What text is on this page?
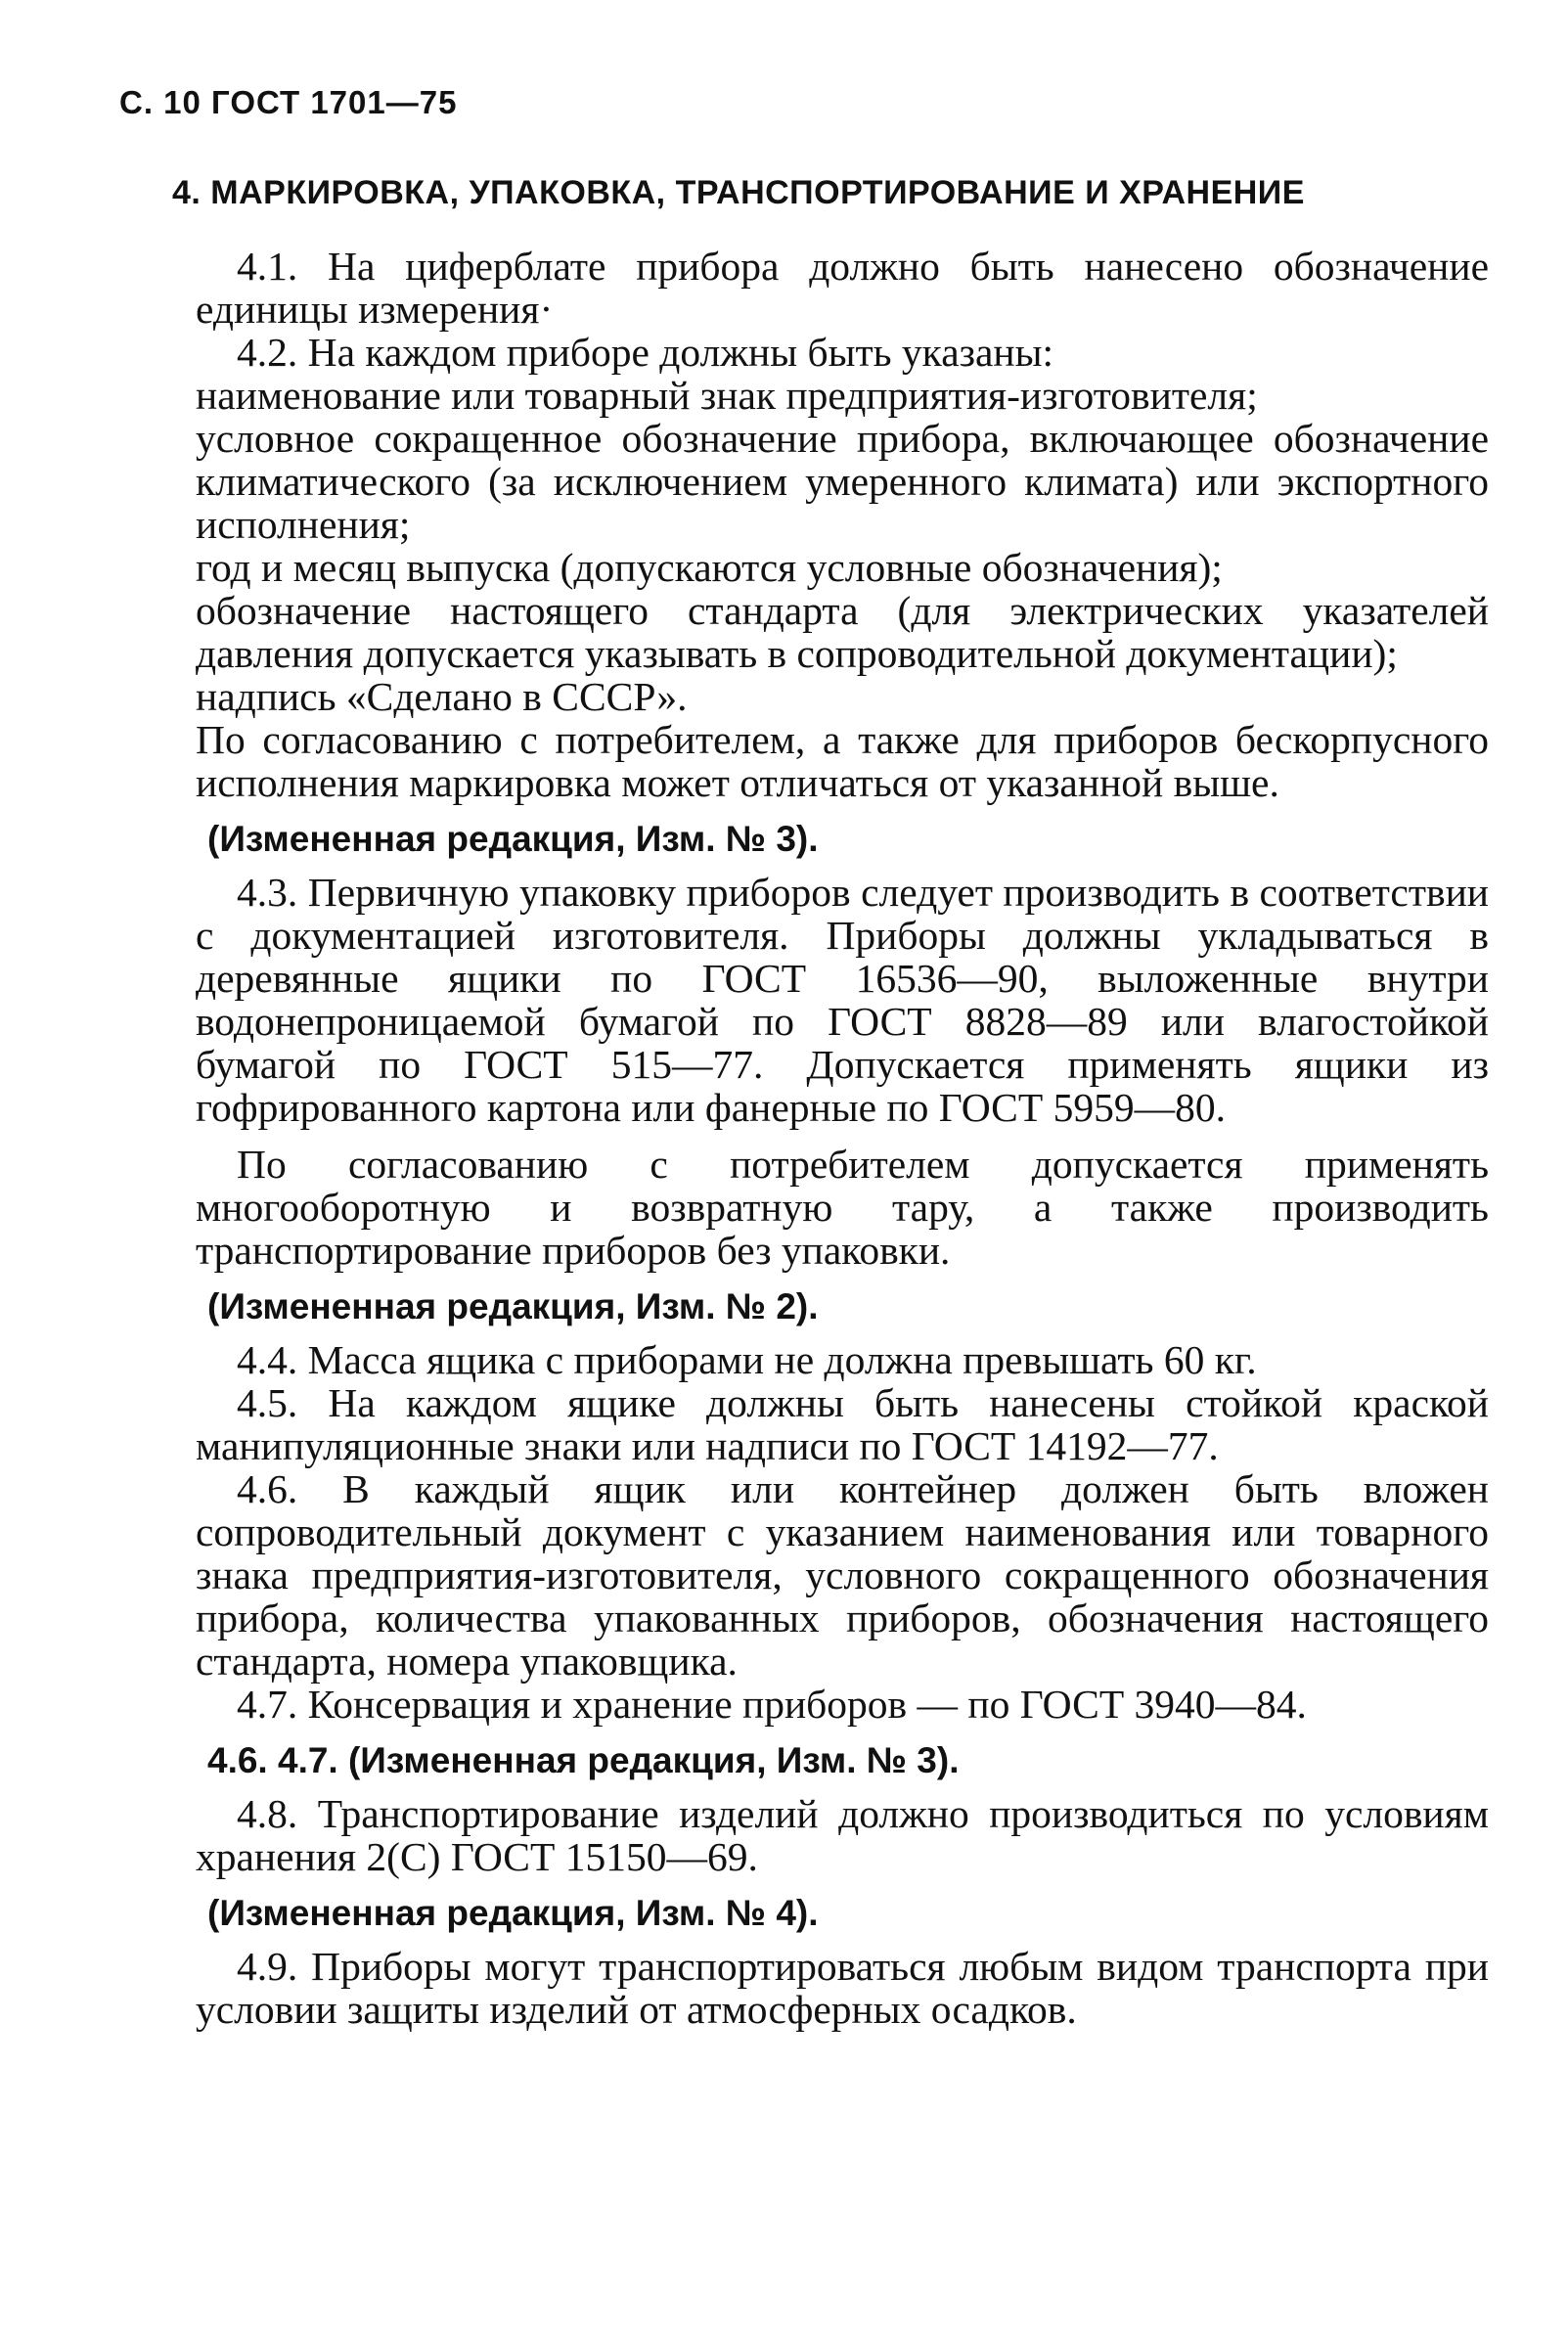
С. 10 ГОСТ 1701—75
4. МАРКИРОВКА, УПАКОВКА, ТРАНСПОРТИРОВАНИЕ И ХРАНЕНИЕ

4.1. На циферблате прибора должно быть нанесено обозначение единицы измерения·

4.2. На каждом приборе должны быть указаны:

наименование или товарный знак предприятия-изготовителя;

условное сокращенное обозначение прибора, включающее обозначение климатического (за исключением умеренного климата) или экспортного исполнения;

год и месяц выпуска (допускаются условные обозначения);

обозначение настоящего стандарта (для электрических указателей давления допускается указывать в сопроводительной документации);

надпись «Сделано в СССР».

По согласованию с потребителем, а также для приборов бескорпусного исполнения маркировка может отличаться от указанной выше.

(Измененная редакция, Изм. № 3).

4.3. Первичную упаковку приборов следует производить в соответствии с документацией изготовителя. Приборы должны укладываться в деревянные ящики по ГОСТ 16536—90, выложенные внутри водонепроницаемой бумагой по ГОСТ 8828—89 или влагостойкой бумагой по ГОСТ 515—77. Допускается применять ящики из гофрированного картона или фанерные по ГОСТ 5959—80.

По согласованию с потребителем допускается применять многооборотную и возвратную тару, а также производить транспортирование приборов без упаковки.

(Измененная редакция, Изм. № 2).

4.4. Масса ящика с приборами не должна превышать 60 кг.

4.5. На каждом ящике должны быть нанесены стойкой краской манипуляционные знаки или надписи по ГОСТ 14192—77.

4.6. В каждый ящик или контейнер должен быть вложен сопроводительный документ с указанием наименования или товарного знака предприятия-изготовителя, условного сокращенного обозначения прибора, количества упакованных приборов, обозначения настоящего стандарта, номера упаковщика.

4.7. Консервация и хранение приборов — по ГОСТ 3940—84.

4.6. 4.7. (Измененная редакция, Изм. № 3).

4.8. Транспортирование изделий должно производиться по условиям хранения 2(С) ГОСТ 15150—69.

(Измененная редакция, Изм. № 4).

4.9. Приборы могут транспортироваться любым видом транспорта при условии защиты изделий от атмосферных осадков.
